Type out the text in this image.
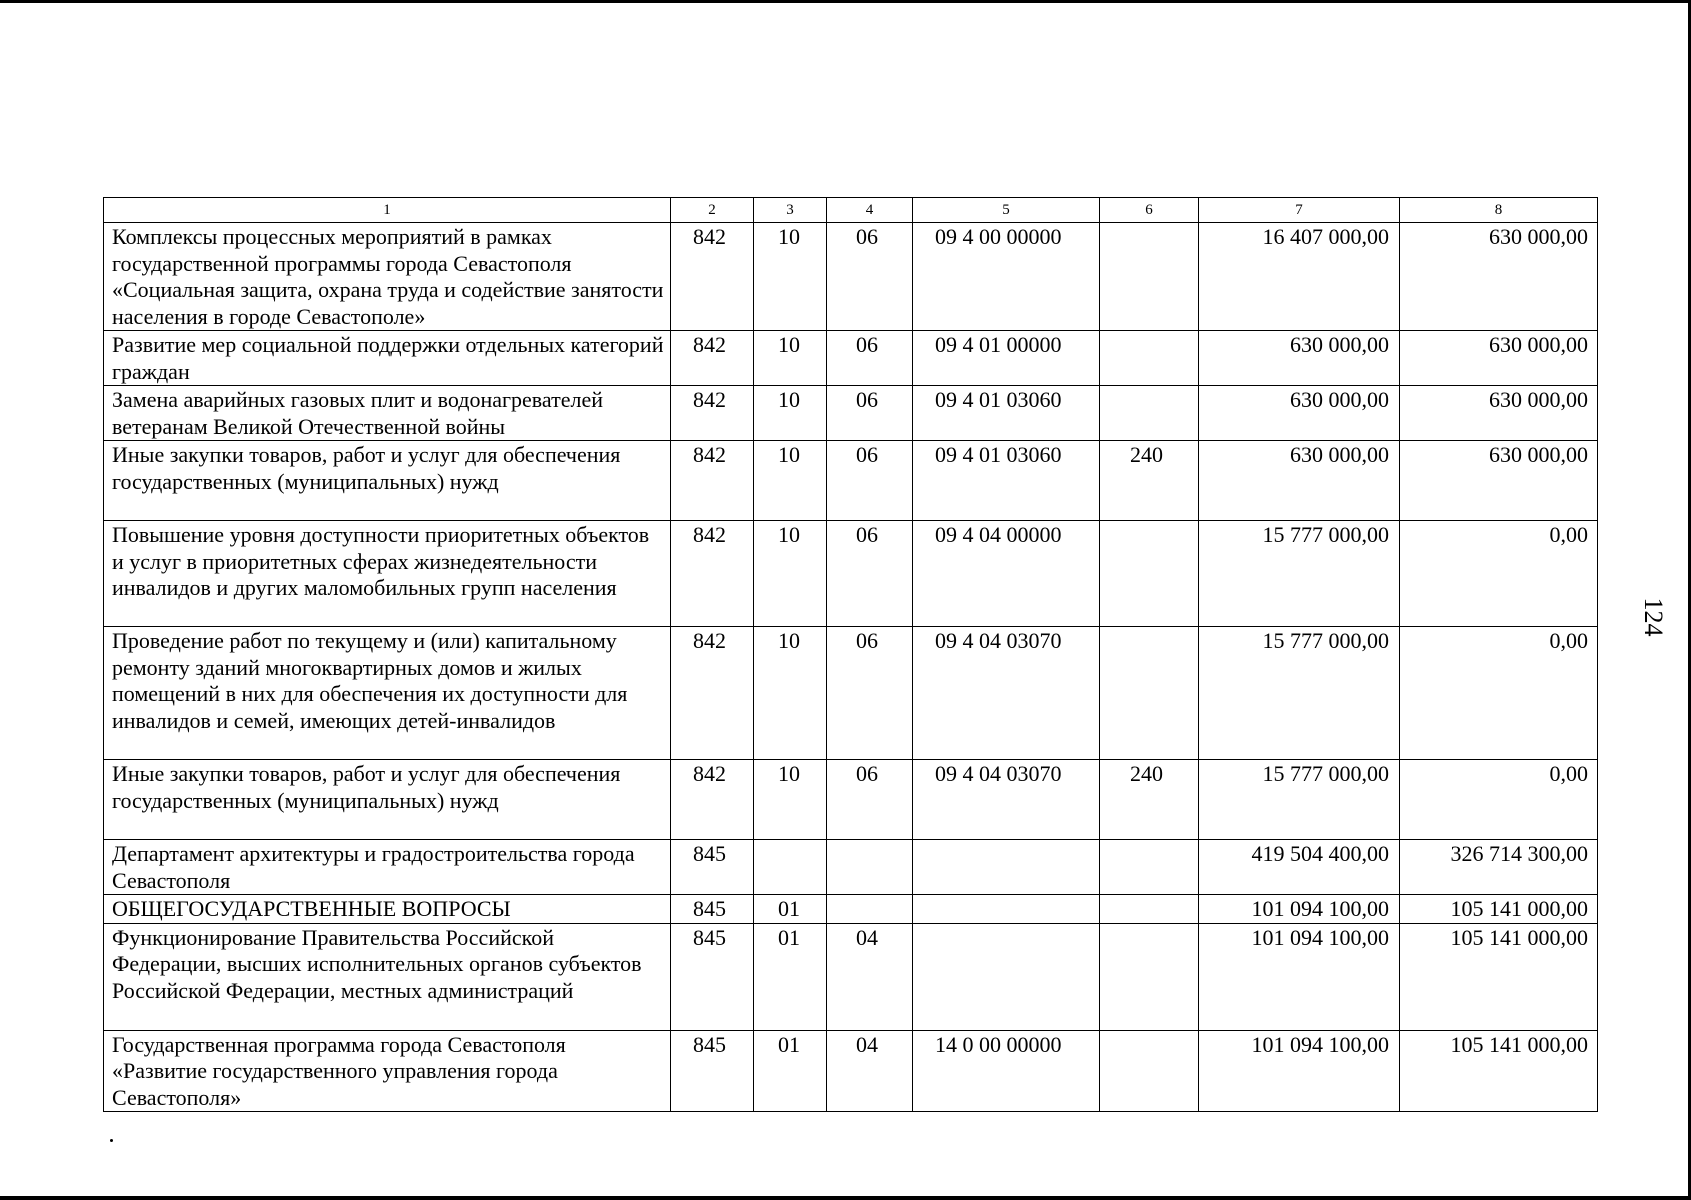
1	2	3	4	5	6	7	8
Комплексы процессных мероприятий в рамках государственной программы города Севастополя «Социальная защита, охрана труда и содействие занятости населения в городе Севастополе»	842	10	06	09 4 00 00000		16 407 000,00	630 000,00
Развитие мер социальной поддержки отдельных категорий граждан	842	10	06	09 4 01 00000		630 000,00	630 000,00
Замена аварийных газовых плит и водонагревателей ветеранам Великой Отечественной войны	842	10	06	09 4 01 03060		630 000,00	630 000,00
Иные закупки товаров, работ и услуг для обеспечения государственных (муниципальных) нужд	842	10	06	09 4 01 03060	240	630 000,00	630 000,00
Повышение уровня доступности приоритетных объектов и услуг в приоритетных сферах жизнедеятельности инвалидов и других маломобильных групп населения	842	10	06	09 4 04 00000		15 777 000,00	0,00
Проведение работ по текущему и (или) капитальному ремонту зданий многоквартирных домов и жилых помещений в них для обеспечения их доступности для инвалидов и семей, имеющих детей-инвалидов	842	10	06	09 4 04 03070		15 777 000,00	0,00
Иные закупки товаров, работ и услуг для обеспечения государственных (муниципальных) нужд	842	10	06	09 4 04 03070	240	15 777 000,00	0,00
Департамент архитектуры и градостроительства города Севастополя	845					419 504 400,00	326 714 300,00
ОБЩЕГОСУДАРСТВЕННЫЕ ВОПРОСЫ	845	01				101 094 100,00	105 141 000,00
Функционирование Правительства Российской Федерации, высших исполнительных органов субъектов Российской Федерации, местных администраций	845	01	04			101 094 100,00	105 141 000,00
Государственная программа города Севастополя «Развитие государственного управления города Севастополя»	845	01	04	14 0 00 00000		101 094 100,00	105 141 000,00
124
